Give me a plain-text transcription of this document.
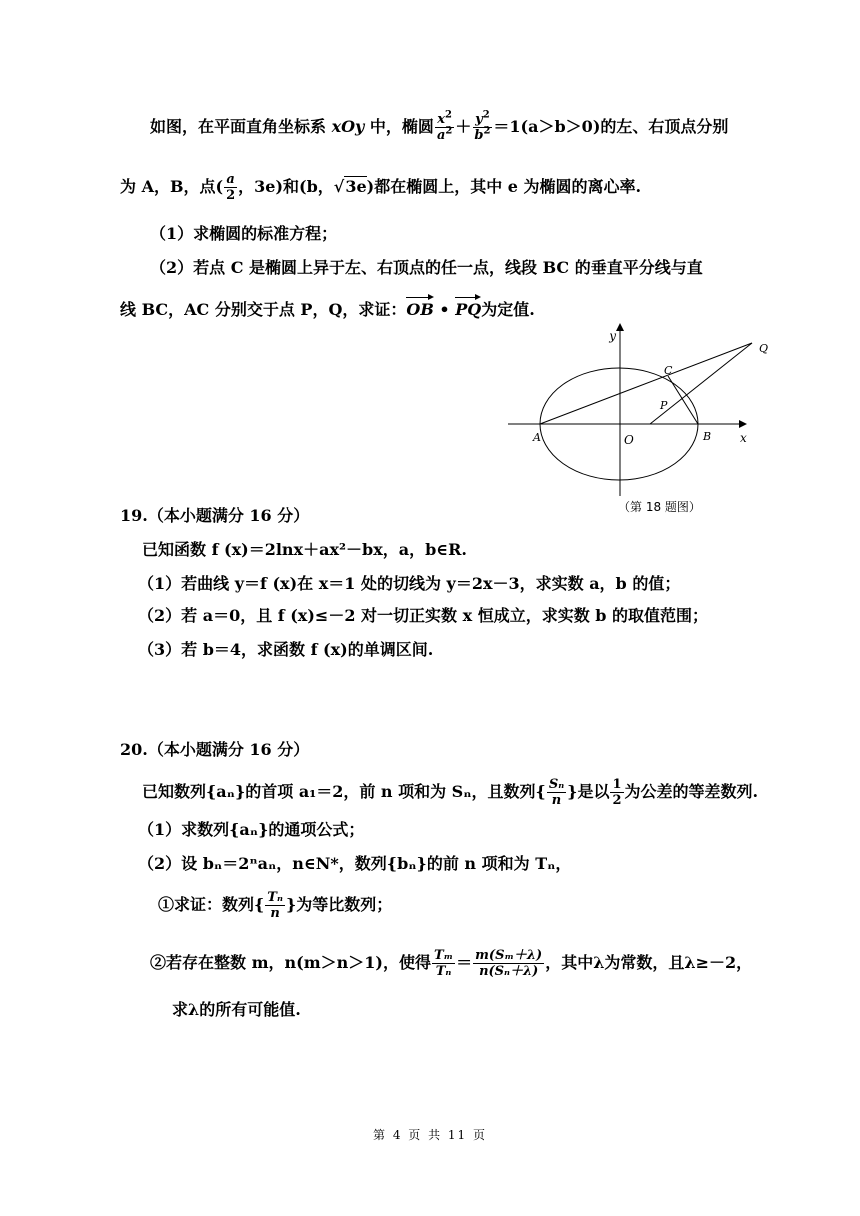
如图，在平面直角坐标系 xOy 中，椭圆 $\frac{x^2}{a^2} + \frac{y^2}{b^2} =1(a>b>0)$的左、右顶点分别
为 A，B，点( $\frac{a}{2}$ ，3e)和(b，√3e)都在椭圆上，其中 e 为椭圆的离心率.
（1）求椭圆的标准方程；
（2）若点 C 是椭圆上异于左、右顶点的任一点，线段 BC 的垂直平分线与直
线 BC，AC 分别交于点 P，Q，求证：OB • PQ为定值.
y
x
A	O	B
C
P
Q
（第 18 题图）
19.（本小题满分 16 分）
已知函数 f (x)＝2lnx＋ax²－bx，a，b∈R.
（1）若曲线 y＝f (x)在 x＝1 处的切线为 y＝2x－3，求实数 a，b 的值；
（2）若 a＝0，且 f (x)≤－2 对一切正实数 x 恒成立，求实数 b 的取值范围；
（3）若 b＝4，求函数 f (x)的单调区间.
20.（本小题满分 16 分）
已知数列{aₙ}的首项 a₁＝2，前 n 项和为 Sₙ，且数列{ $\frac{\text{Sₙ}}{n}$ }是以 $\frac{1}{2}$ 为公差的等差数列.
（1）求数列{aₙ}的通项公式；
（2）设 bₙ＝2ⁿaₙ，n∈N*，数列{bₙ}的前 n 项和为 Tₙ，
①求证：数列{ $\frac{\text{Tₙ}}{n}$ }为等比数列；
②若存在整数 m，n(m＞n＞1)，使得 $\frac{\text{Tₘ}}{\text{Tₙ}} = \frac{\text{m(Sₘ＋λ)}}{\text{n(Sₙ＋λ)}}$ ，其中λ为常数，且λ≥－2，
求λ的所有可能值.
第 4 页 共 11 页
